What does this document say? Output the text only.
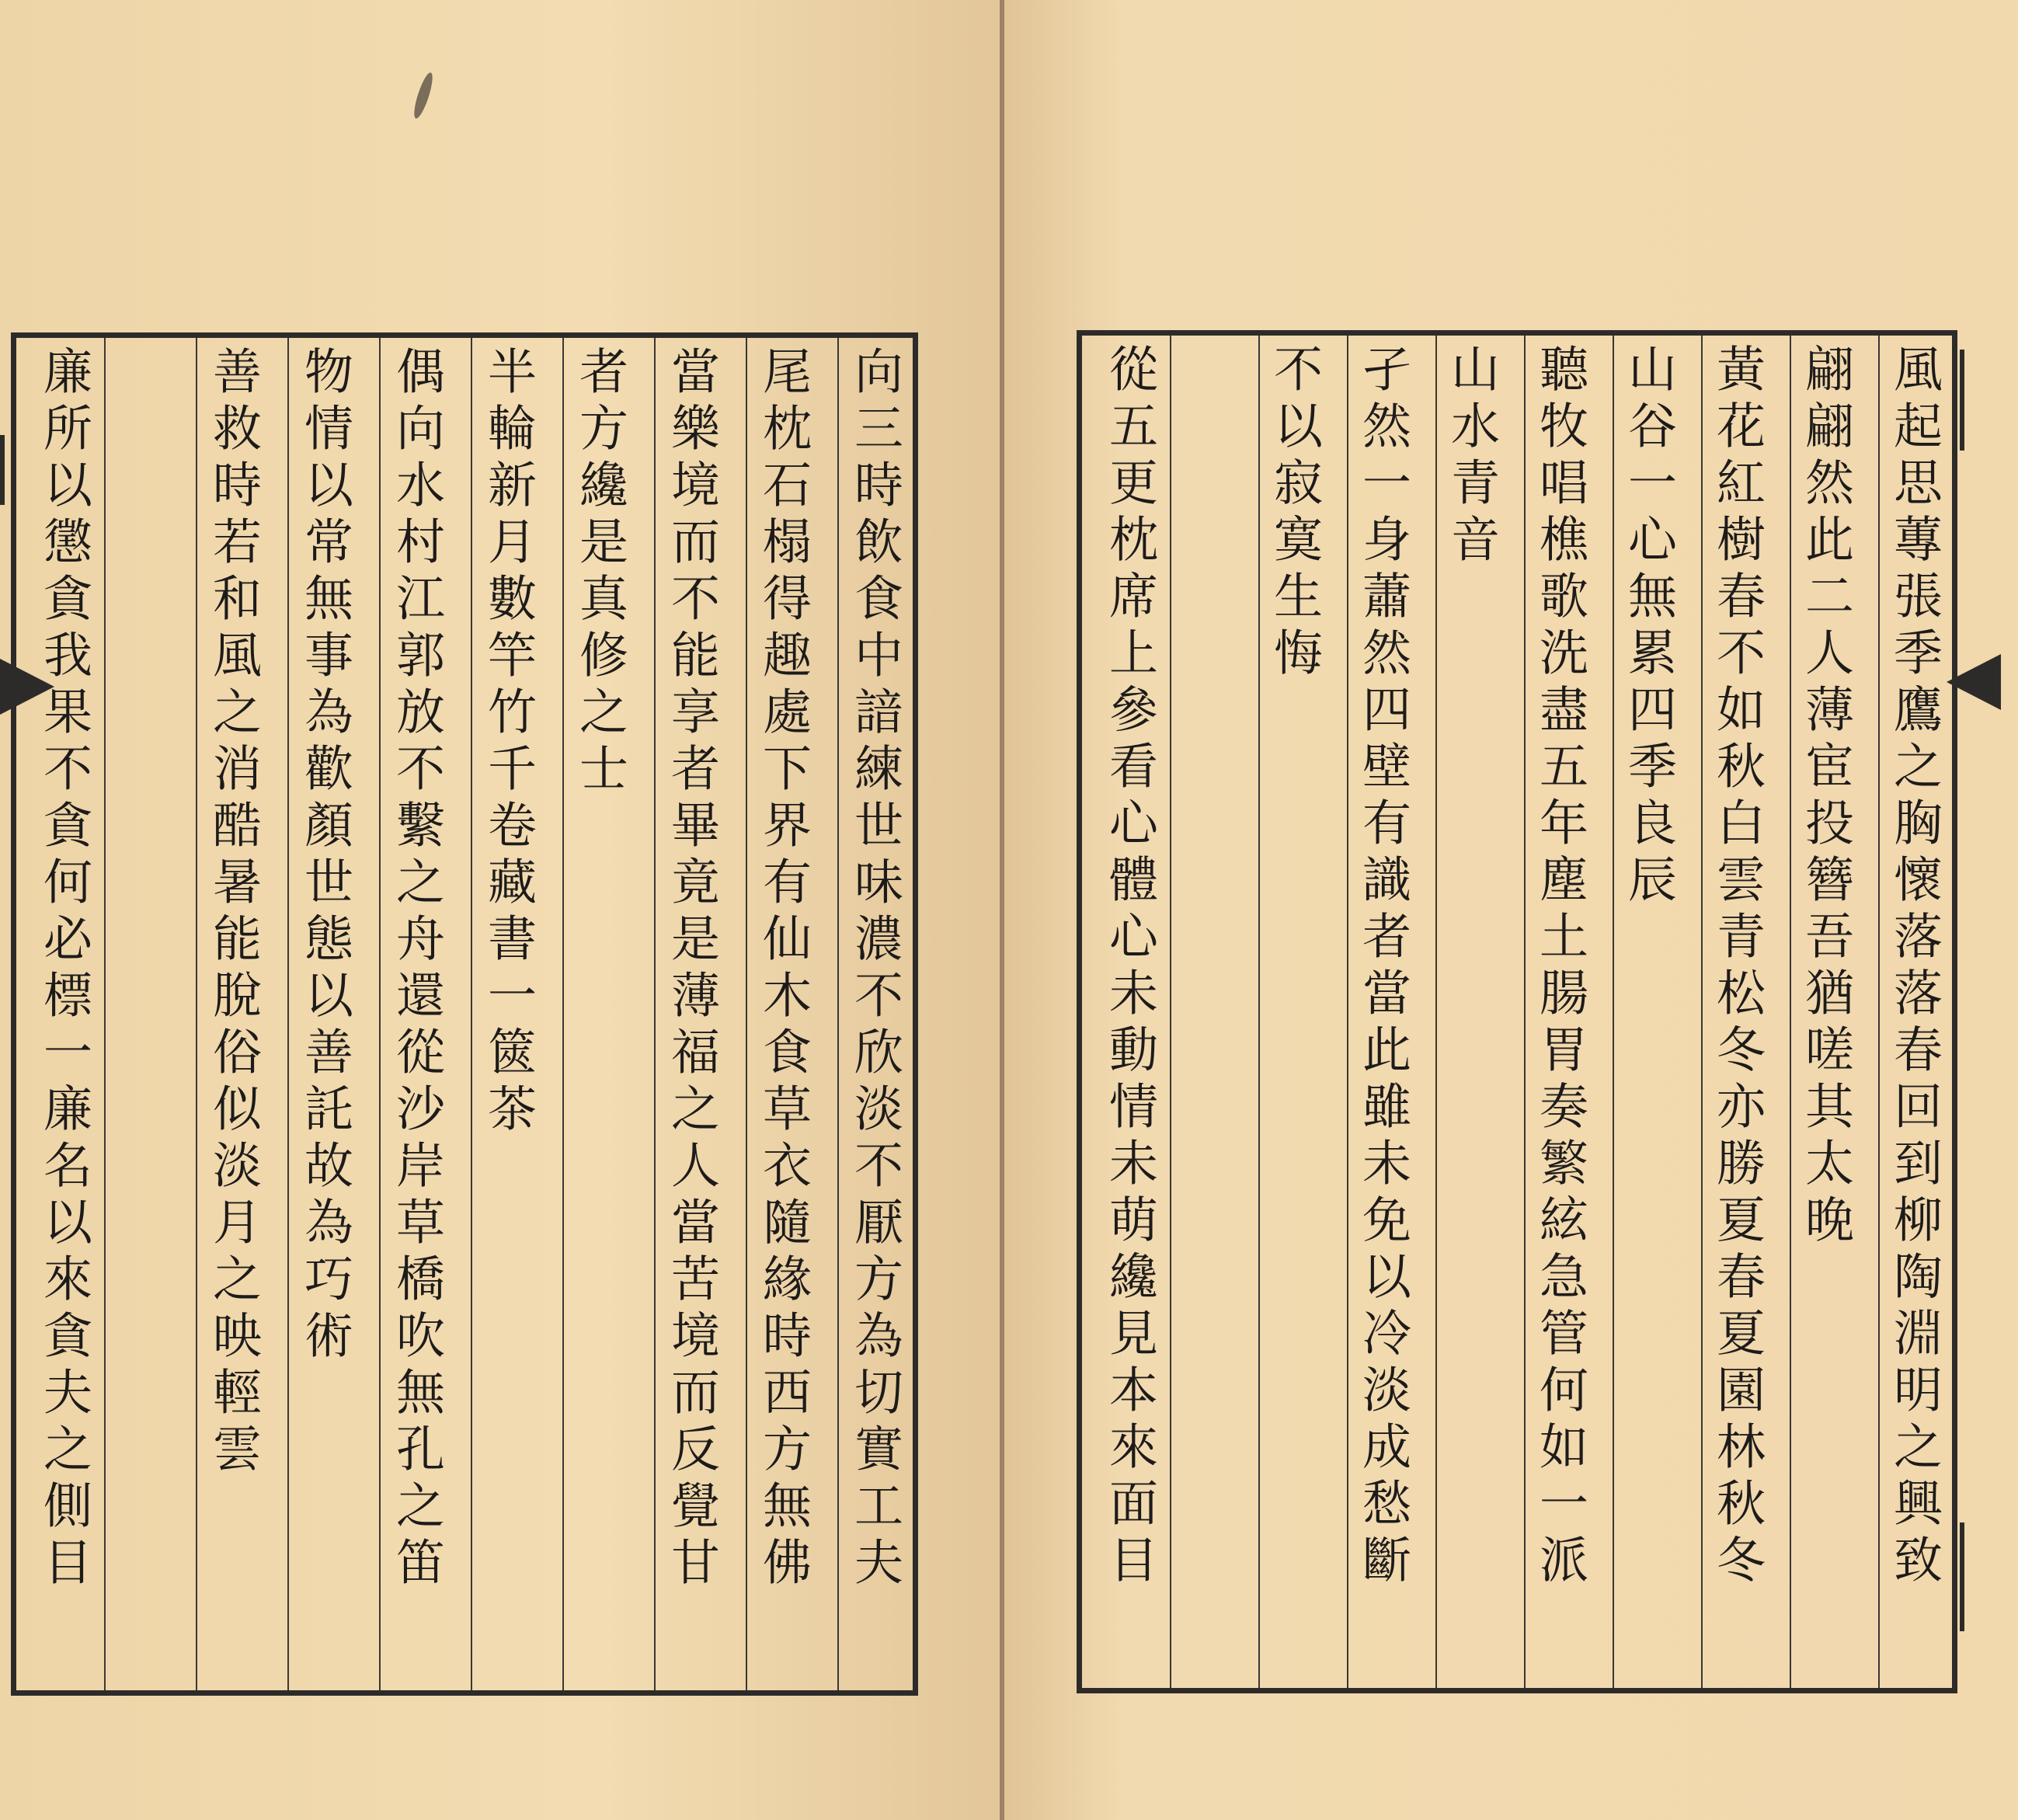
向三時飲食中諳練世味濃不欣淡不厭方為切實工夫
尾枕石榻得趣處下界有仙木食草衣隨緣時西方無佛
當樂境而不能享者畢竟是薄福之人當苦境而反覺甘
者方纔是真修之士
半輪新月數竿竹千卷藏書一篋茶
偶向水村江郭放不繫之舟還從沙岸草橋吹無孔之笛
物情以常無事為歡顏世態以善託故為巧術
善救時若和風之消酷暑能脫俗似淡月之映輕雲
廉所以懲貪我果不貪何必標一廉名以來貪夫之側目	風起思蓴張季鷹之胸懷落落春回到柳陶淵明之興致
翩翩然此二人薄宦投簪吾猶嗟其太晚
黃花紅樹春不如秋白雲青松冬亦勝夏春夏園林秋冬
山谷一心無累四季良辰
聽牧唱樵歌洗盡五年塵土腸胃奏繁絃急管何如一派
山水青音
孑然一身蕭然四壁有識者當此雖未免以冷淡成愁斷
不以寂寞生悔
從五更枕席上參看心體心未動情未萌纔見本來面目
